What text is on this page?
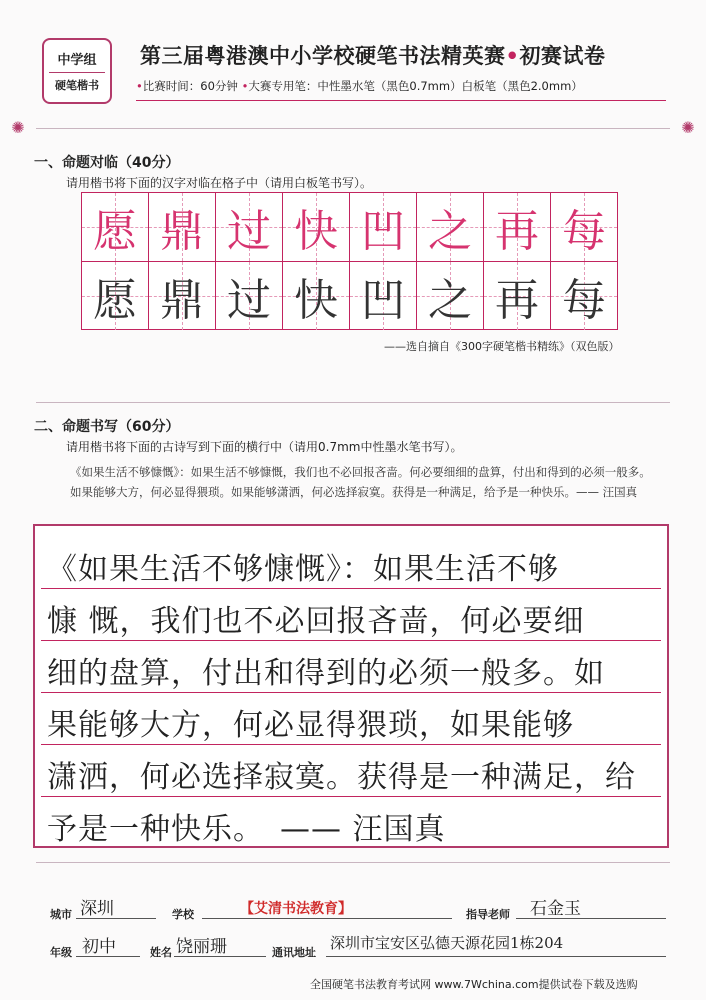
中学组
硬笔楷书
第三届粤港澳中小学校硬笔书法精英赛•初赛试卷
•比赛时间：60分钟 •大赛专用笔：中性墨水笔（黑色0.7mm）白板笔（黑色2.0mm）
✺	✺
一、命题对临（40分）
请用楷书将下面的汉字对临在格子中（请用白板笔书写）。
愿 鼎 过 快 凹 之 再 每
愿 鼎 过 快 凹 之 再 每
——选自摘自《300字硬笔楷书精练》（双色版）
二、命题书写（60分）
请用楷书将下面的古诗写到下面的横行中（请用0.7mm中性墨水笔书写）。
《如果生活不够慷慨》：如果生活不够慷慨，我们也不必回报吝啬。何必要细细的盘算，付出和得到的必须一般多。如果能够大方，何必显得猥琐。如果能够潇洒，何必选择寂寞。获得是一种满足，给予是一种快乐。—— 汪国真
《如果生活不够慷慨》：如果生活不够
慷 慨，我们也不必回报吝啬，何必要细
细的盘算，付出和得到的必须一般多。如
果能够大方，何必显得猥琐，如果能够
潇洒，何必选择寂寞。获得是一种满足，给
予是一种快乐。　—— 汪国真
城市 深圳	学校	【艾清书法教育】	指导老师 石金玉
年级 初中	姓名 饶丽珊	通讯地址
深圳市宝安区弘德天源花园1栋204
全国硬笔书法教育考试网 www.7Wchina.com提供试卷下载及选购
